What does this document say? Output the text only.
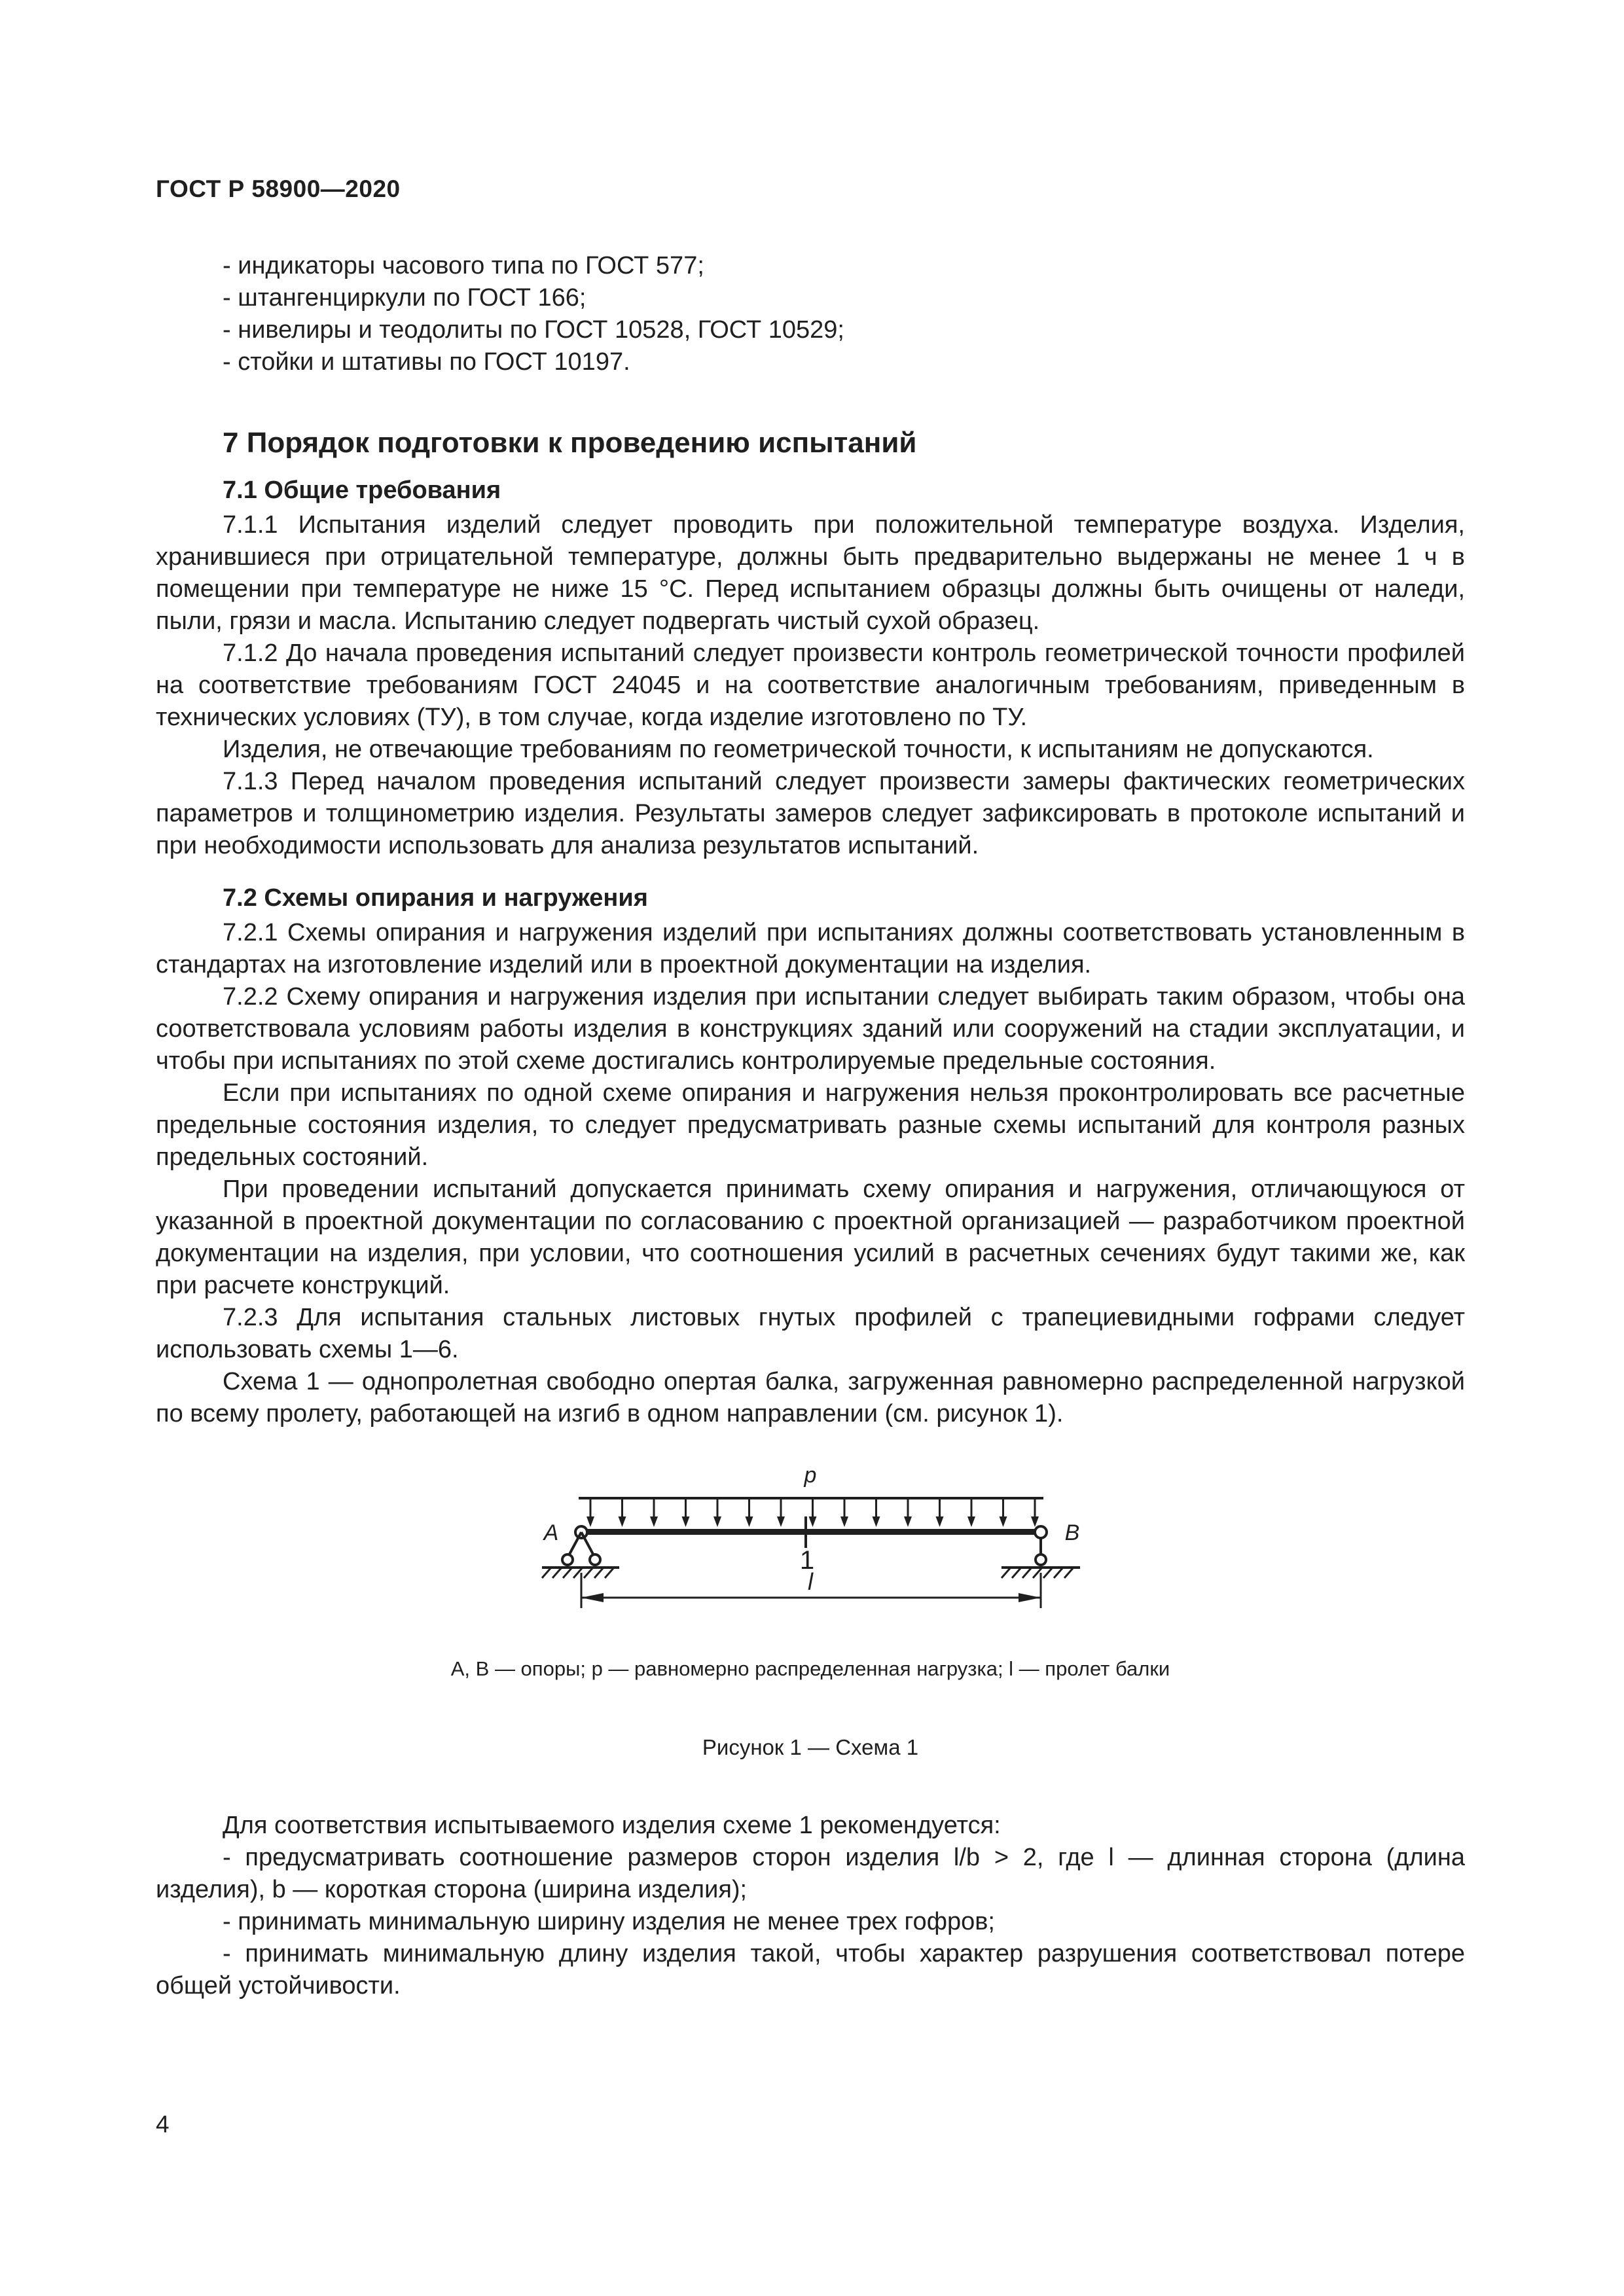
ГОСТ Р 58900—2020
- индикаторы часового типа по ГОСТ 577;
- штангенциркули по ГОСТ 166;
- нивелиры и теодолиты по ГОСТ 10528, ГОСТ 10529;
- стойки и штативы по ГОСТ 10197.
7 Порядок подготовки к проведению испытаний
7.1 Общие требования

7.1.1 Испытания изделий следует проводить при положительной температуре воздуха. Изделия, хранившиеся при отрицательной температуре, должны быть предварительно выдержаны не менее 1 ч в помещении при температуре не ниже 15 °С. Перед испытанием образцы должны быть очищены от наледи, пыли, грязи и масла. Испытанию следует подвергать чистый сухой образец.

7.1.2 До начала проведения испытаний следует произвести контроль геометрической точности профилей на соответствие требованиям ГОСТ 24045 и на соответствие аналогичным требованиям, приведенным в технических условиях (ТУ), в том случае, когда изделие изготовлено по ТУ.

Изделия, не отвечающие требованиям по геометрической точности, к испытаниям не допускаются.

7.1.3 Перед началом проведения испытаний следует произвести замеры фактических геометрических параметров и толщинометрию изделия. Результаты замеров следует зафиксировать в протоколе испытаний и при необходимости использовать для анализа результатов испытаний.

7.2 Схемы опирания и нагружения

7.2.1 Схемы опирания и нагружения изделий при испытаниях должны соответствовать установленным в стандартах на изготовление изделий или в проектной документации на изделия.

7.2.2 Схему опирания и нагружения изделия при испытании следует выбирать таким образом, чтобы она соответствовала условиям работы изделия в конструкциях зданий или сооружений на стадии эксплуатации, и чтобы при испытаниях по этой схеме достигались контролируемые предельные состояния.

Если при испытаниях по одной схеме опирания и нагружения нельзя проконтролировать все расчетные предельные состояния изделия, то следует предусматривать разные схемы испытаний для контроля разных предельных состояний.

При проведении испытаний допускается принимать схему опирания и нагружения, отличающуюся от указанной в проектной документации по согласованию с проектной организацией — разработчиком проектной документации на изделия, при условии, что соотношения усилий в расчетных сечениях будут такими же, как при расчете конструкций.

7.2.3 Для испытания стальных листовых гнутых профилей с трапециевидными гофрами следует использовать схемы 1—6.

Схема 1 — однопролетная свободно опертая балка, загруженная равномерно распределенной нагрузкой по всему пролету, работающей на изгиб в одном направлении (см. рисунок 1).

p
A	B
1
l
A, B — опоры; p — равномерно распределенная нагрузка; l — пролет балки
Рисунок 1 — Схема 1

Для соответствия испытываемого изделия схеме 1 рекомендуется:

- предусматривать соотношение размеров сторон изделия l/b > 2, где l — длинная сторона (длина изделия), b — короткая сторона (ширина изделия);

- принимать минимальную ширину изделия не менее трех гофров;

- принимать минимальную длину изделия такой, чтобы характер разрушения соответствовал потере общей устойчивости.

4
